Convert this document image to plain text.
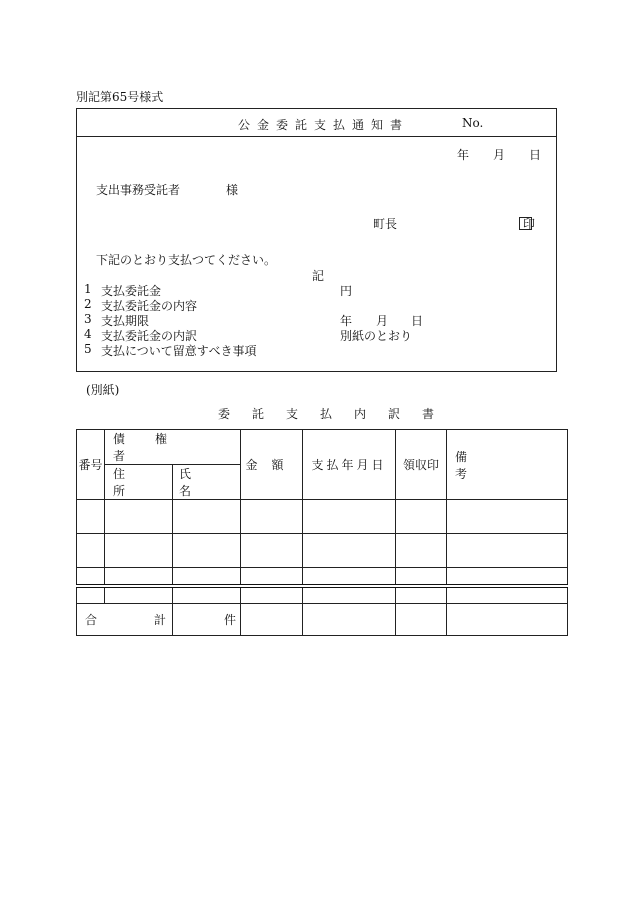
別記第65号様式
公金委託支払通知書	No.
年 月 日
支出事務受託者	様
町長	印
下記のとおり支払つてください。
記
1 支払委託金	円
2 支払委託金の内容
3 支払期限	年 月 日
4 支払委託金の内訳	別紙のとおり
5 支払について留意すべき事項
(別紙)
委託支払内訳書
番号	債権者		金額	支払年月日	領収印	備考
	住所	氏名				

合 計		件				
